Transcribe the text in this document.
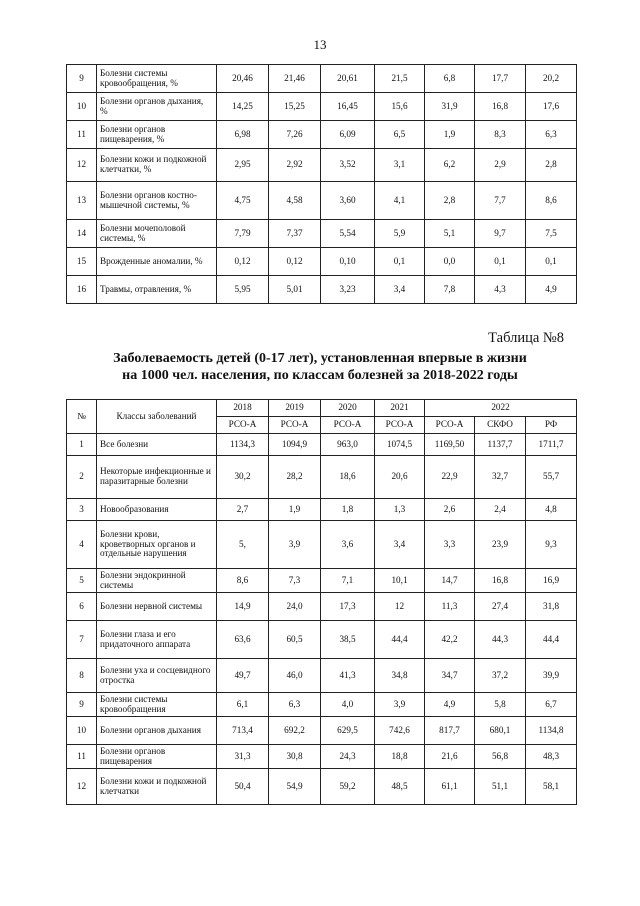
13
9	Болезни системы кровообращения, %	20,46	21,46	20,61	21,5	6,8	17,7	20,2
10	Болезни органов дыхания, %	14,25	15,25	16,45	15,6	31,9	16,8	17,6
11	Болезни органов пищеварения, %	6,98	7,26	6,09	6,5	1,9	8,3	6,3
12	Болезни кожи и подкожной клетчатки, %	2,95	2,92	3,52	3,1	6,2	2,9	2,8
13	Болезни органов костно-мышечной системы, %	4,75	4,58	3,60	4,1	2,8	7,7	8,6
14	Болезни мочеполовой системы, %	7,79	7,37	5,54	5,9	5,1	9,7	7,5
15	Врожденные аномалии, %	0,12	0,12	0,10	0,1	0,0	0,1	0,1
16	Травмы, отравления, %	5,95	5,01	3,23	3,4	7,8	4,3	4,9
Таблица №8
Заболеваемость детей (0-17 лет), установленная впервые в жизни
на 1000 чел. населения, по классам болезней за 2018-2022 годы
№	Классы заболеваний	2018	2019	2020	2021	2022		
		РСО-А	РСО-А	РСО-А	РСО-А	РСО-А	СКФО	РФ
1	Все болезни	1134,3	1094,9	963,0	1074,5	1169,50	1137,7	1711,7
2	Некоторые инфекционные и паразитарные болезни	30,2	28,2	18,6	20,6	22,9	32,7	55,7
3	Новообразования	2,7	1,9	1,8	1,3	2,6	2,4	4,8
4	Болезни крови, кроветворных органов и отдельные нарушения	5,	3,9	3,6	3,4	3,3	23,9	9,3
5	Болезни эндокринной системы	8,6	7,3	7,1	10,1	14,7	16,8	16,9
6	Болезни нервной системы	14,9	24,0	17,3	12	11,3	27,4	31,8
7	Болезни глаза и его придаточного аппарата	63,6	60,5	38,5	44,4	42,2	44,3	44,4
8	Болезни уха и сосцевидного отростка	49,7	46,0	41,3	34,8	34,7	37,2	39,9
9	Болезни системы кровообращения	6,1	6,3	4,0	3,9	4,9	5,8	6,7
10	Болезни органов дыхания	713,4	692,2	629,5	742,6	817,7	680,1	1134,8
11	Болезни органов пищеварения	31,3	30,8	24,3	18,8	21,6	56,8	48,3
12	Болезни кожи и подкожной клетчатки	50,4	54,9	59,2	48,5	61,1	51,1	58,1
